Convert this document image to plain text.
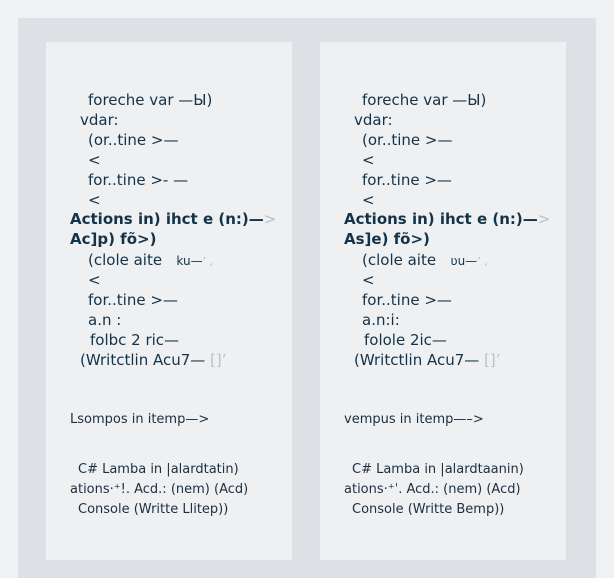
foreche var —Ы)
vdar:
(or..tine >—
<
for..tine >- —
<
Actions in) ihct e (n:)—>
Ac]p) fõ>)
(clole aite ku—’ ,
<
for..tine >—
a.n :
folbc 2 ric—
(Writctlin Acu7— []ʼ
Lsompos in itemp—>
C# Lamba in |alardtatin)
ations·⁺!. Acd.: (nem) (Acd)
Console (Writte Llitep))
foreche var —Ы)
vdar:
(or..tine >—
<
for..tine >—
<
Actions in) ihct e (n:)—>
As]e) fõ>)
(clole aite ʋu—’ ,
<
for..tine >—
a.n:i:
folole 2ic—
(Writctlin Acu7— []ʼ
vempus in itemp—–>
C# Lamba in |alardtaanin)
ations·⁺ˈ. Acd.: (nem) (Acd)
Console (Writte Bemp))
